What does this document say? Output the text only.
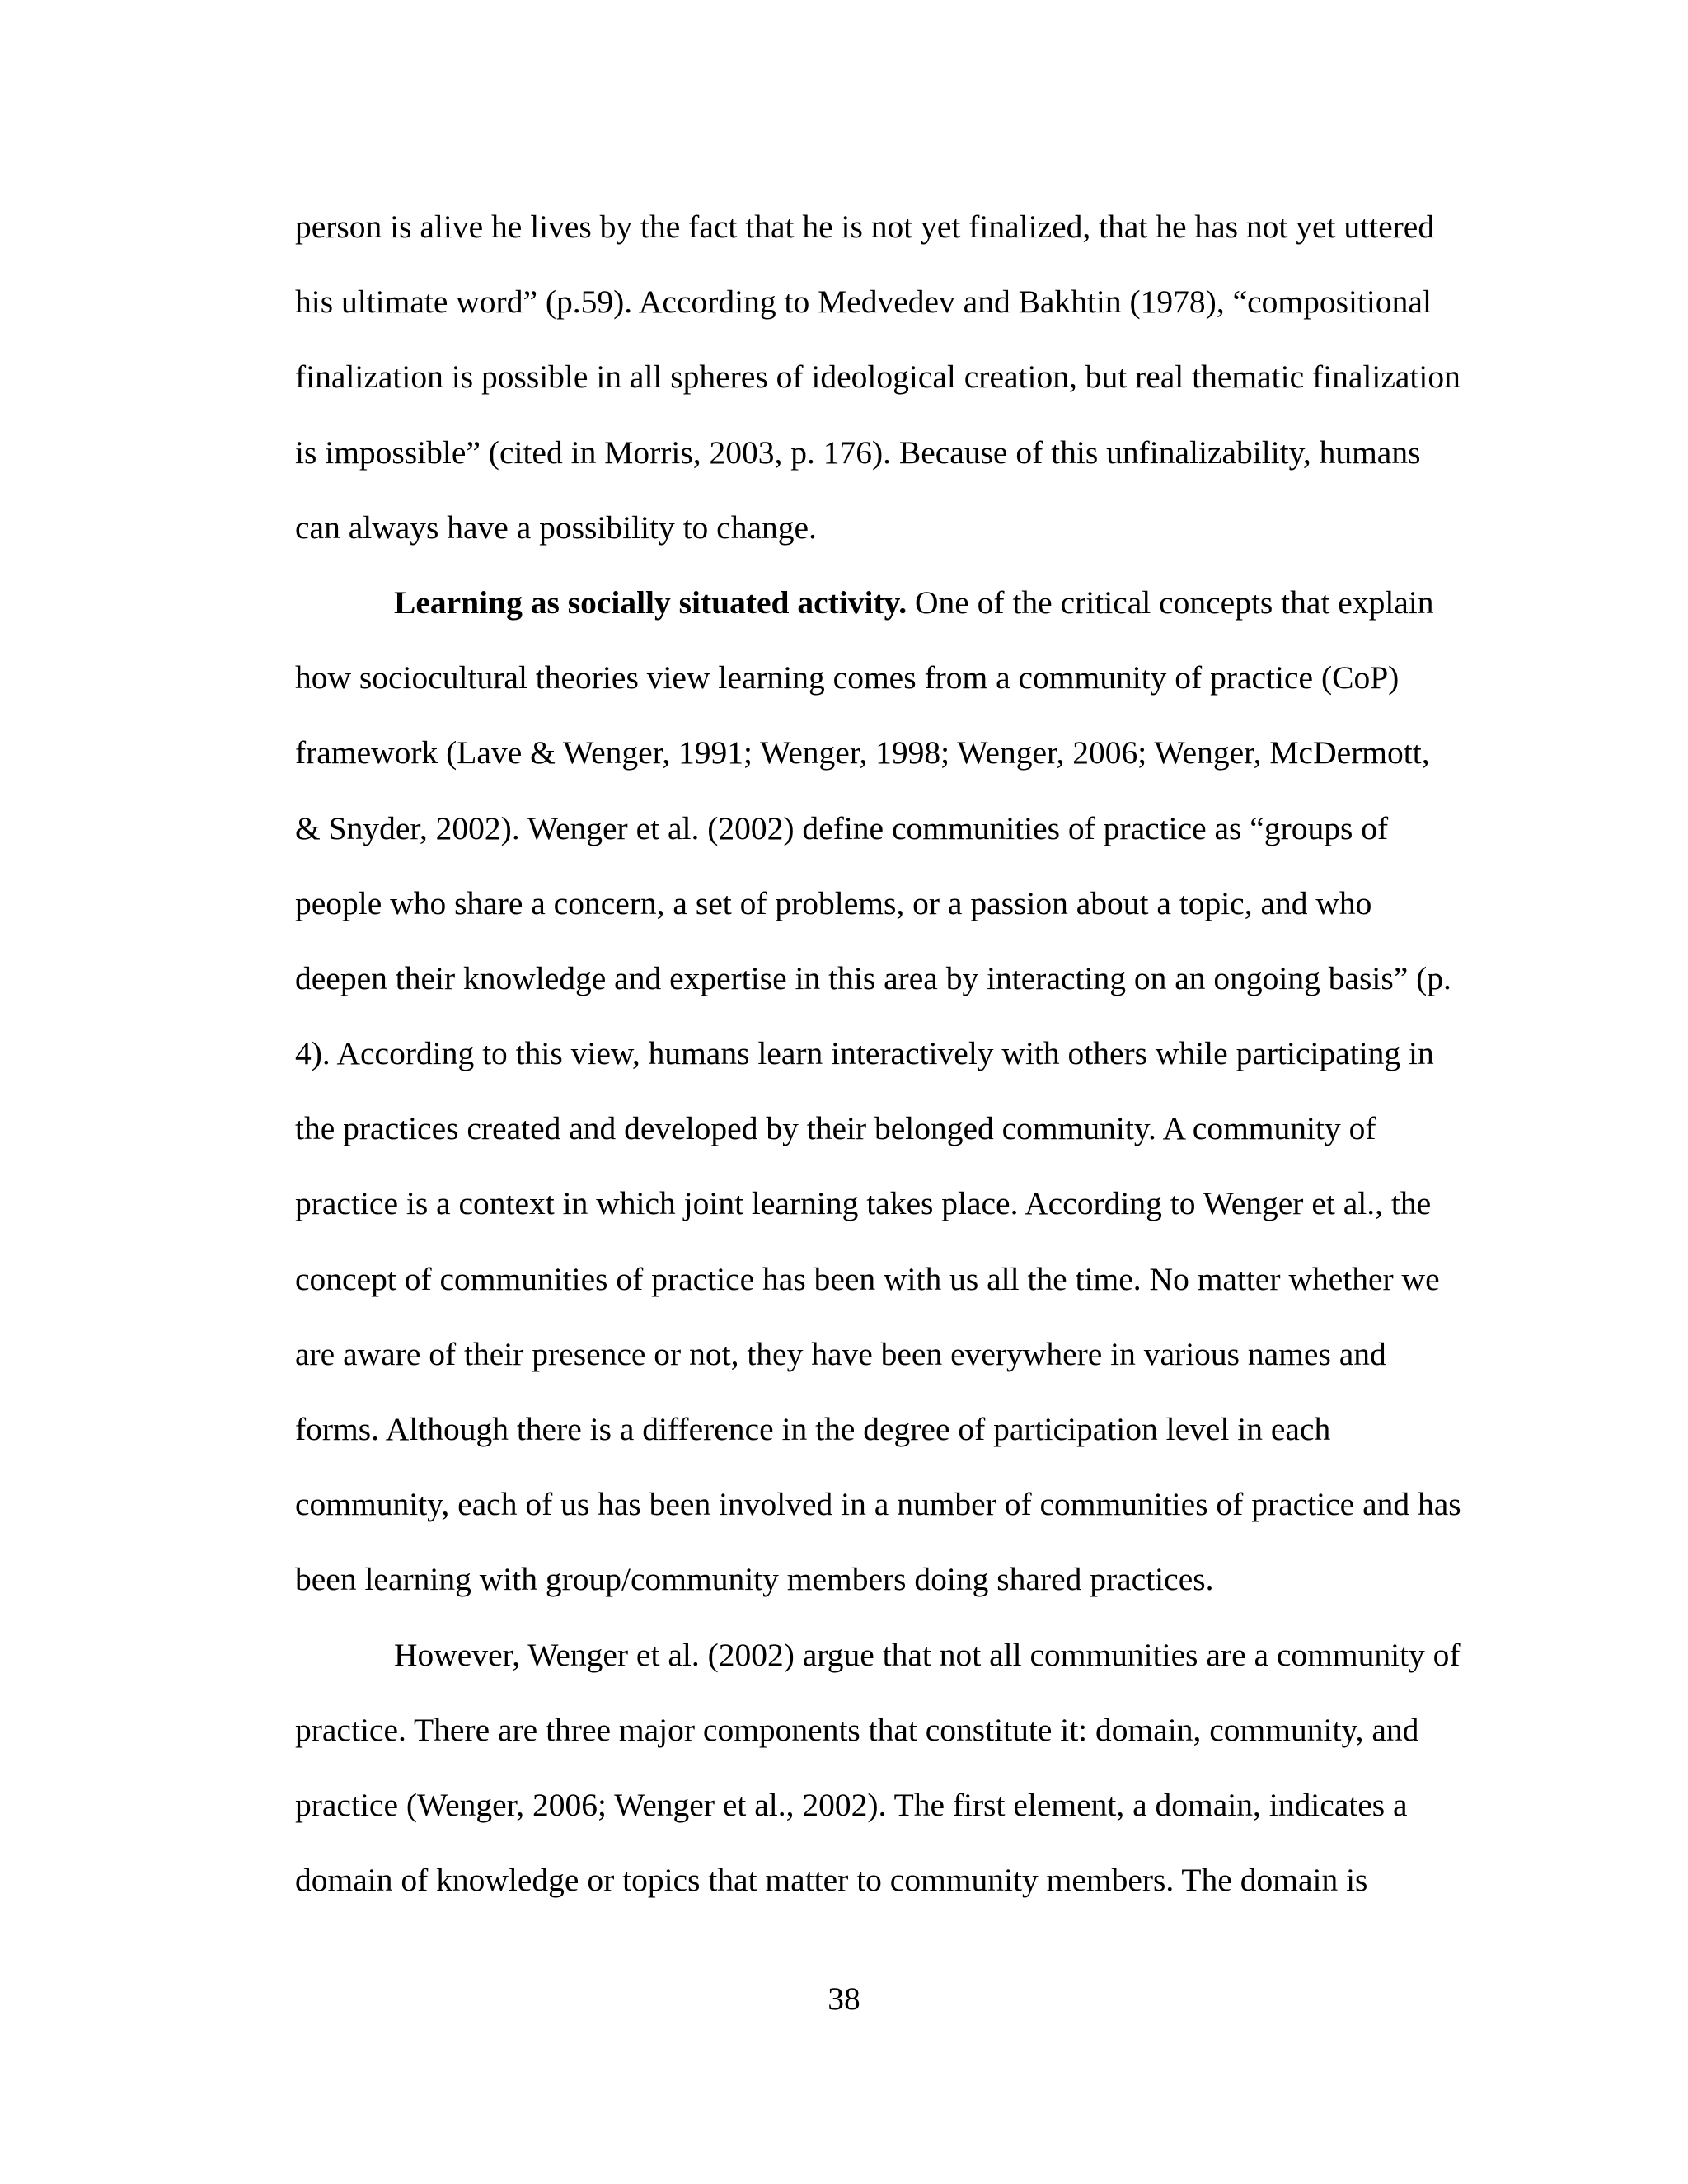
person is alive he lives by the fact that he is not yet finalized, that he has not yet uttered
his ultimate word” (p.59). According to Medvedev and Bakhtin (1978), “compositional
finalization is possible in all spheres of ideological creation, but real thematic finalization
is impossible” (cited in Morris, 2003, p. 176). Because of this unfinalizability, humans
can always have a possibility to change.
Learning as socially situated activity. One of the critical concepts that explain
how sociocultural theories view learning comes from a community of practice (CoP)
framework (Lave & Wenger, 1991; Wenger, 1998; Wenger, 2006; Wenger, McDermott,
& Snyder, 2002). Wenger et al. (2002) define communities of practice as “groups of
people who share a concern, a set of problems, or a passion about a topic, and who
deepen their knowledge and expertise in this area by interacting on an ongoing basis” (p.
4). According to this view, humans learn interactively with others while participating in
the practices created and developed by their belonged community. A community of
practice is a context in which joint learning takes place. According to Wenger et al., the
concept of communities of practice has been with us all the time. No matter whether we
are aware of their presence or not, they have been everywhere in various names and
forms. Although there is a difference in the degree of participation level in each
community, each of us has been involved in a number of communities of practice and has
been learning with group/community members doing shared practices.
However, Wenger et al. (2002) argue that not all communities are a community of
practice. There are three major components that constitute it: domain, community, and
practice (Wenger, 2006; Wenger et al., 2002). The first element, a domain, indicates a
domain of knowledge or topics that matter to community members. The domain is
38
